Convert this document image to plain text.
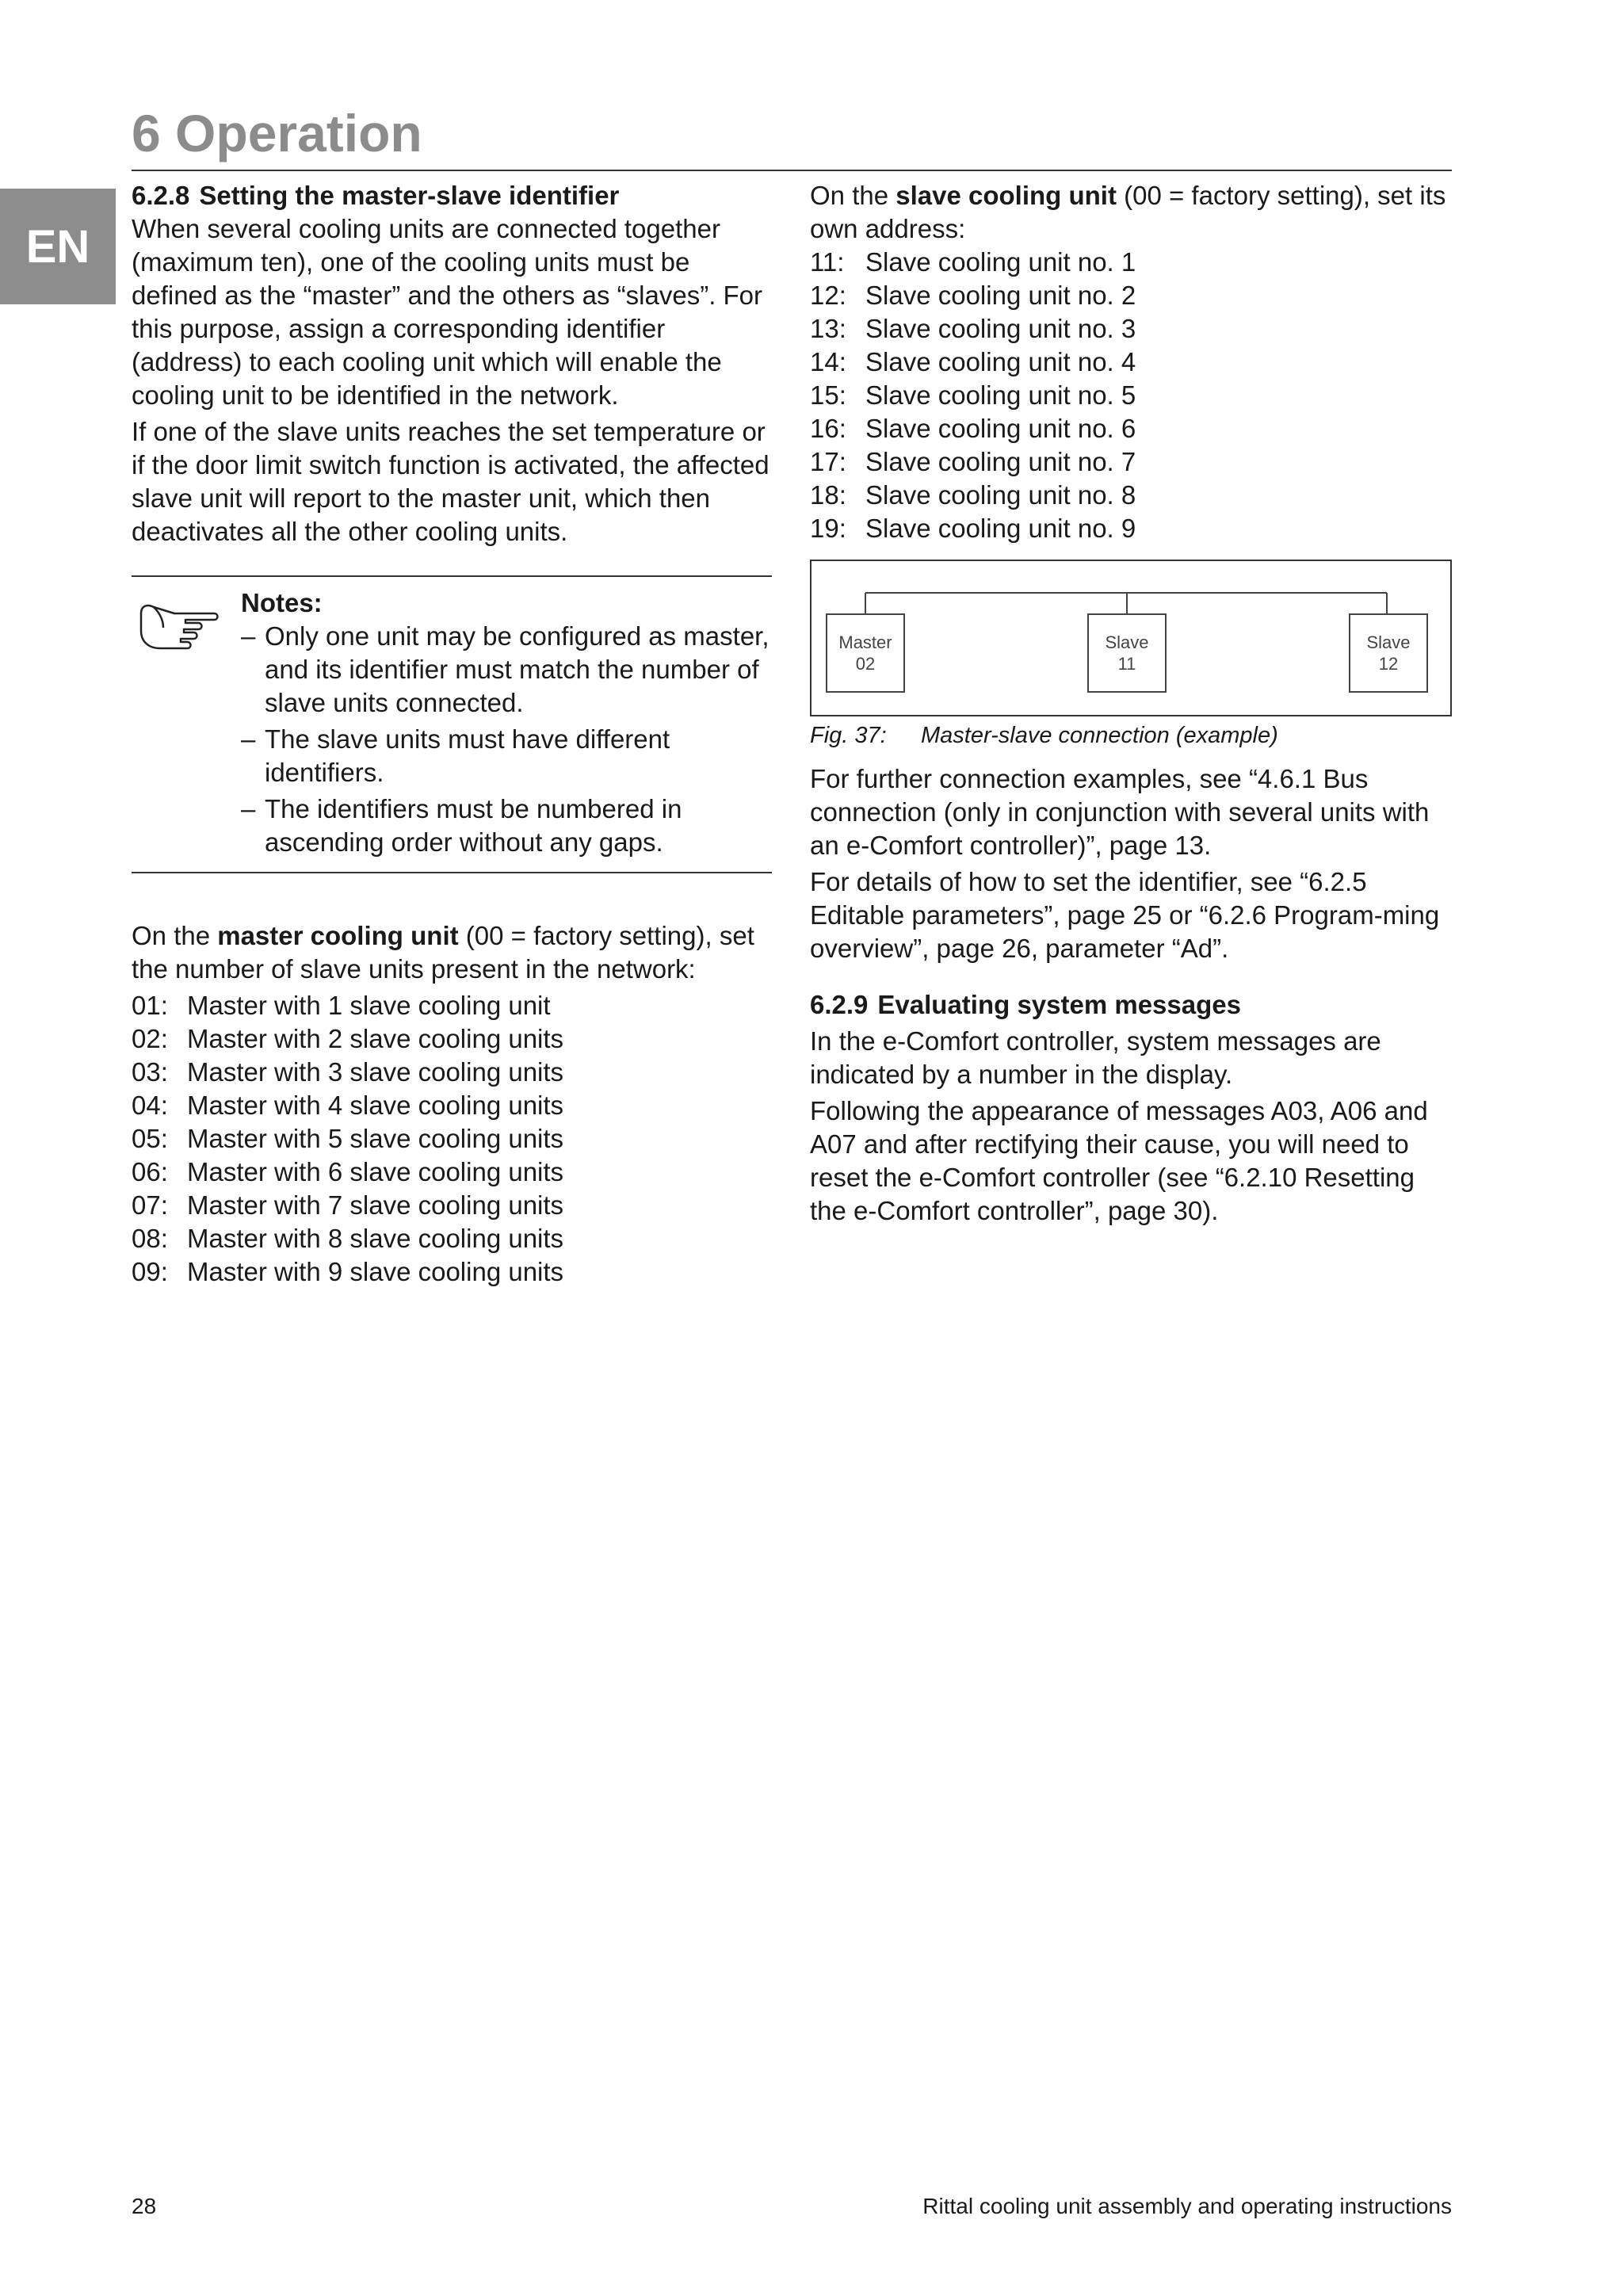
6 Operation
EN

6.2.8 Setting the master-slave identifier

When several cooling units are connected together (maximum ten), one of the cooling units must be defined as the “master” and the others as “slaves”. For this purpose, assign a corresponding identifier (address) to each cooling unit which will enable the cooling unit to be identified in the network.

If one of the slave units reaches the set temperature or if the door limit switch function is activated, the affected slave unit will report to the master unit, which then deactivates all the other cooling units.

Notes:

– Only one unit may be configured as master, and its identifier must match the number of slave units connected.
– The slave units must have different identifiers.
– The identifiers must be numbered in ascending order without any gaps.

On the master cooling unit (00 = factory setting), set the number of slave units present in the network:

01: Master with 1 slave cooling unit
02: Master with 2 slave cooling units
03: Master with 3 slave cooling units
04: Master with 4 slave cooling units
05: Master with 5 slave cooling units
06: Master with 6 slave cooling units
07: Master with 7 slave cooling units
08: Master with 8 slave cooling units
09: Master with 9 slave cooling units

On the slave cooling unit (00 = factory setting), set its own address:

11: Slave cooling unit no. 1
12: Slave cooling unit no. 2
13: Slave cooling unit no. 3
14: Slave cooling unit no. 4
15: Slave cooling unit no. 5
16: Slave cooling unit no. 6
17: Slave cooling unit no. 7
18: Slave cooling unit no. 8
19: Slave cooling unit no. 9
Master
02
Slave
11
Slave
12
Fig. 37:	Master-slave connection (example)

For further connection examples, see “4.6.1 Bus connection (only in conjunction with several units with an e-Comfort controller)”, page 13.

For details of how to set the identifier, see “6.2.5 Editable parameters”, page 25 or “6.2.6 Program-ming overview”, page 26, parameter “Ad”.

6.2.9 Evaluating system messages

In the e-Comfort controller, system messages are indicated by a number in the display.

Following the appearance of messages A03, A06 and A07 and after rectifying their cause, you will need to reset the e-Comfort controller (see “6.2.10 Resetting the e-Comfort controller”, page 30).

28	Rittal cooling unit assembly and operating instructions
